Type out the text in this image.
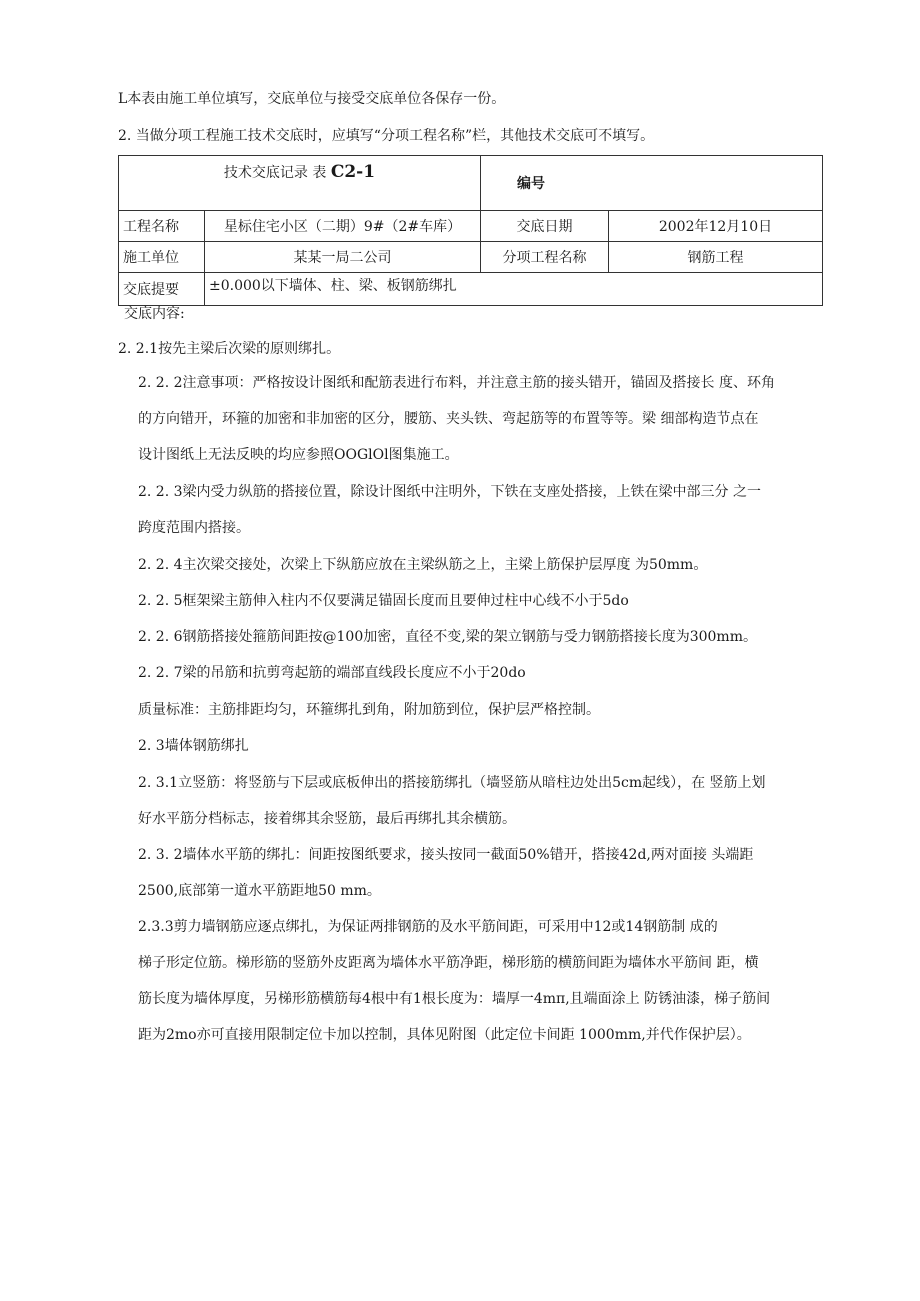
L本表由施工单位填写，交底单位与接受交底单位各保存一份。
2. 当做分项工程施工技术交底时，应填写“分项工程名称”栏，其他技术交底可不填写。
技术交底记录 表 C2-1		编号	
工程名称	星标住宅小区（二期）9#（2#车库）	交底日期	2002年12月10日
施工单位	某某一局二公司	分项工程名称	钢筋工程
交底提要	±0.000以下墙体、柱、梁、板钢筋绑扎		
交底内容:
2. 2.1按先主梁后次梁的原则绑扎。
2. 2. 2注意事项：严格按设计图纸和配筋表进行布料，并注意主筋的接头错开，锚固及搭接长 度、环角
的方向错开，环箍的加密和非加密的区分，腰筋、夹头铁、弯起筋等的布置等等。梁 细部构造节点在
设计图纸上无法反映的均应参照OOGlOl图集施工。
2. 2. 3梁内受力纵筋的搭接位置，除设计图纸中注明外，下铁在支座处搭接，上铁在梁中部三分 之一
跨度范围内搭接。
2. 2. 4主次梁交接处，次梁上下纵筋应放在主梁纵筋之上，主梁上筋保护层厚度 为50mm。
2. 2. 5框架梁主筋伸入柱内不仅要满足锚固长度而且要伸过柱中心线不小于5do
2. 2. 6钢筋搭接处箍筋间距按@100加密，直径不变,梁的架立钢筋与受力钢筋搭接长度为300mm。
2. 2. 7梁的吊筋和抗剪弯起筋的端部直线段长度应不小于20do
质量标准：主筋排距均匀，环箍绑扎到角，附加筋到位，保护层严格控制。
2. 3墙体钢筋绑扎
2. 3.1立竖筋：将竖筋与下层或底板伸出的搭接筋绑扎（墙竖筋从暗柱边处出5cm起线），在 竖筋上划
好水平筋分档标志，接着绑其余竖筋，最后再绑扎其余横筋。
2. 3. 2墙体水平筋的绑扎：间距按图纸要求，接头按同一截面50%错开，搭接42d,两对面接 头端距
2500,底部第一道水平筋距地50 mm。
2.3.3剪力墙钢筋应逐点绑扎，为保证两排钢筋的及水平筋间距，可采用中12或14钢筋制 成的
梯子形定位筋。梯形筋的竖筋外皮距离为墙体水平筋净距，梯形筋的横筋间距为墙体水平筋间 距，横
筋长度为墙体厚度，另梯形筋横筋每4根中有1根长度为：墙厚一4mπ,且端面涂上 防锈油漆，梯子筋间
距为2mo亦可直接用限制定位卡加以控制，具体见附图（此定位卡间距 1000mm,并代作保护层）。
